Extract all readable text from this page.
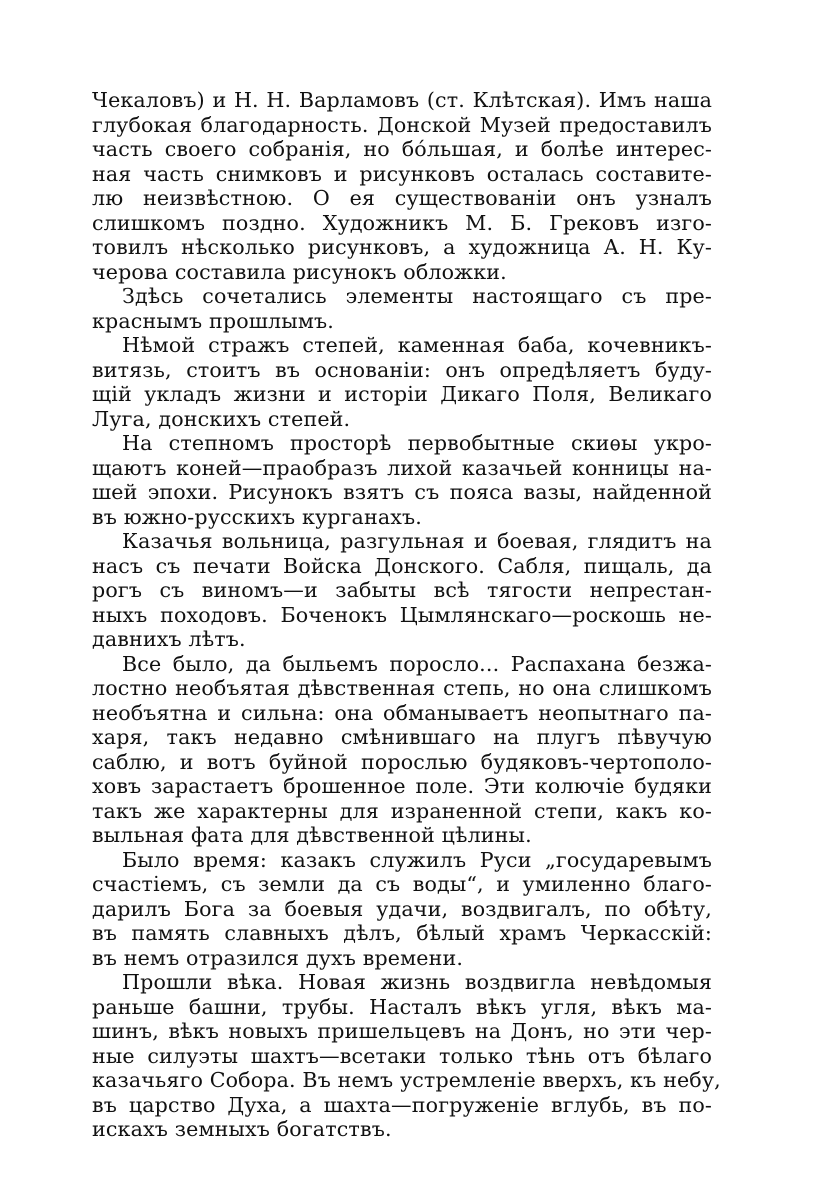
Чекаловъ) и Н. Н. Варламовъ (ст. Клѣтская). Имъ наша
глубокая благодарность. Донской Музей предоставилъ
часть своего собранія, но бо́льшая, и болѣе интерес-
ная часть снимковъ и рисунковъ осталась составите-
лю неизвѣстною. О ея существованіи онъ узналъ
слишкомъ поздно. Художникъ М. Б. Грековъ изго-
товилъ нѣсколько рисунковъ, а художница А. Н. Ку-
черова составила рисунокъ обложки.
Здѣсь сочетались элементы настоящаго съ пре-
краснымъ прошлымъ.
Нѣмой стражъ степей, каменная баба, кочевникъ-
витязь, стоитъ въ основаніи: онъ опредѣляетъ буду-
щій укладъ жизни и исторіи Дикаго Поля, Великаго
Луга, донскихъ степей.
На степномъ просторѣ первобытные скиѳы укро-
щаютъ коней—праобразъ лихой казачьей конницы на-
шей эпохи. Рисунокъ взятъ съ пояса вазы, найденной
въ южно-русскихъ курганахъ.
Казачья вольница, разгульная и боевая, глядитъ на
насъ съ печати Войска Донского. Сабля, пищаль, да
рогъ съ виномъ—и забыты всѣ тягости непрестан-
ныхъ походовъ. Боченокъ Цымлянскаго—роскошь не-
давнихъ лѣтъ.
Все было, да быльемъ поросло... Распахана безжа-
лостно необъятая дѣвственная степь, но она слишкомъ
необъятна и сильна: она обманываетъ неопытнаго па-
харя, такъ недавно смѣнившаго на плугъ пѣвучую
саблю, и вотъ буйной порослью будяковъ-чертополо-
ховъ зарастаетъ брошенное поле. Эти колючіе будяки
такъ же характерны для израненной степи, какъ ко-
выльная фата для дѣвственной цѣлины.
Было время: казакъ служилъ Руси „государевымъ
счастіемъ, съ земли да съ воды“, и умиленно благо-
дарилъ Бога за боевыя удачи, воздвигалъ, по обѣту,
въ память славныхъ дѣлъ, бѣлый храмъ Черкасскій:
въ немъ отразился духъ времени.
Прошли вѣка. Новая жизнь воздвигла невѣдомыя
раньше башни, трубы. Насталъ вѣкъ угля, вѣкъ ма-
шинъ, вѣкъ новыхъ пришельцевъ на Донъ, но эти чер-
ные силуэты шахтъ—всетаки только тѣнь отъ бѣлаго
казачьяго Собора. Въ немъ устремленіе вверхъ, къ небу,
въ царство Духа, а шахта—погруженіе вглубь, въ по-
искахъ земныхъ богатствъ.
